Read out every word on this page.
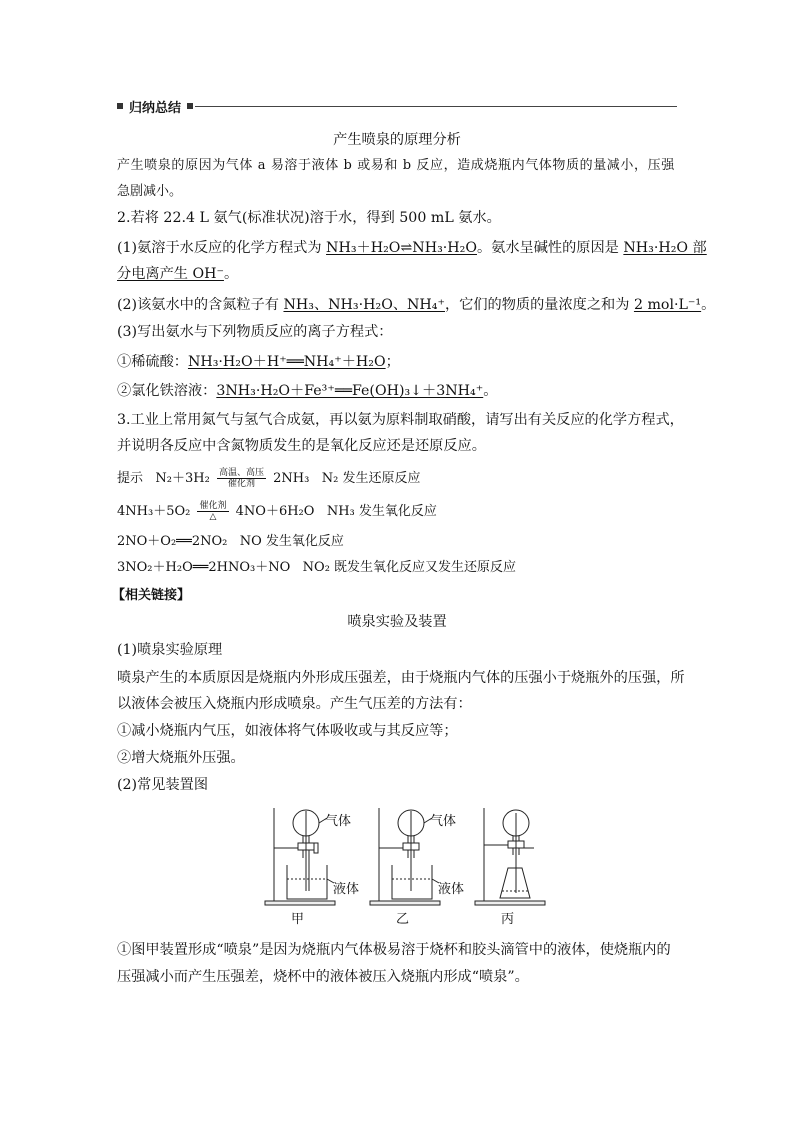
归纳总结
产生喷泉的原理分析
产生喷泉的原因为气体 a 易溶于液体 b 或易和 b 反应，造成烧瓶内气体物质的量减小，压强
急剧减小。
2.若将 22.4 L 氨气(标准状况)溶于水，得到 500 mL 氨水。
(1)氨溶于水反应的化学方程式为 NH₃＋H₂O⇌NH₃·H₂O。氨水呈碱性的原因是 NH₃·H₂O 部
分电离产生 OH⁻。
(2)该氨水中的含氮粒子有 NH₃、NH₃·H₂O、NH₄⁺，它们的物质的量浓度之和为 2 mol·L⁻¹。
(3)写出氨水与下列物质反应的离子方程式：
①稀硫酸：NH₃·H₂O＋H⁺══NH₄⁺＋H₂O；
②氯化铁溶液：3NH₃·H₂O＋Fe³⁺══Fe(OH)₃↓＋3NH₄⁺。
3.工业上常用氮气与氢气合成氨，再以氨为原料制取硝酸，请写出有关反应的化学方程式，
并说明各反应中含氮物质发生的是氧化反应还是还原反应。
提示 $N_2+3H_2 \frac{\text{高温、高压}}{\text{催化剂}} 2NH_3$ N₂ 发生还原反应
$4NH_3+5O_2 \frac{\text{催化剂}}{\triangle} 4NO+6H_2O$ NH₃ 发生氧化反应
2NO＋O₂══2NO₂ NO 发生氧化反应
3NO₂＋H₂O══2HNO₃＋NO NO₂ 既发生氧化反应又发生还原反应
【相关链接】
喷泉实验及装置
(1)喷泉实验原理
喷泉产生的本质原因是烧瓶内外形成压强差，由于烧瓶内气体的压强小于烧瓶外的压强，所
以液体会被压入烧瓶内形成喷泉。产生气压差的方法有：
①减小烧瓶内气压，如液体将气体吸收或与其反应等；
②增大烧瓶外压强。
(2)常见装置图
气体	气体
液体	液体
甲	乙	丙
①图甲装置形成“喷泉”是因为烧瓶内气体极易溶于烧杯和胶头滴管中的液体，使烧瓶内的
压强减小而产生压强差，烧杯中的液体被压入烧瓶内形成“喷泉”。
